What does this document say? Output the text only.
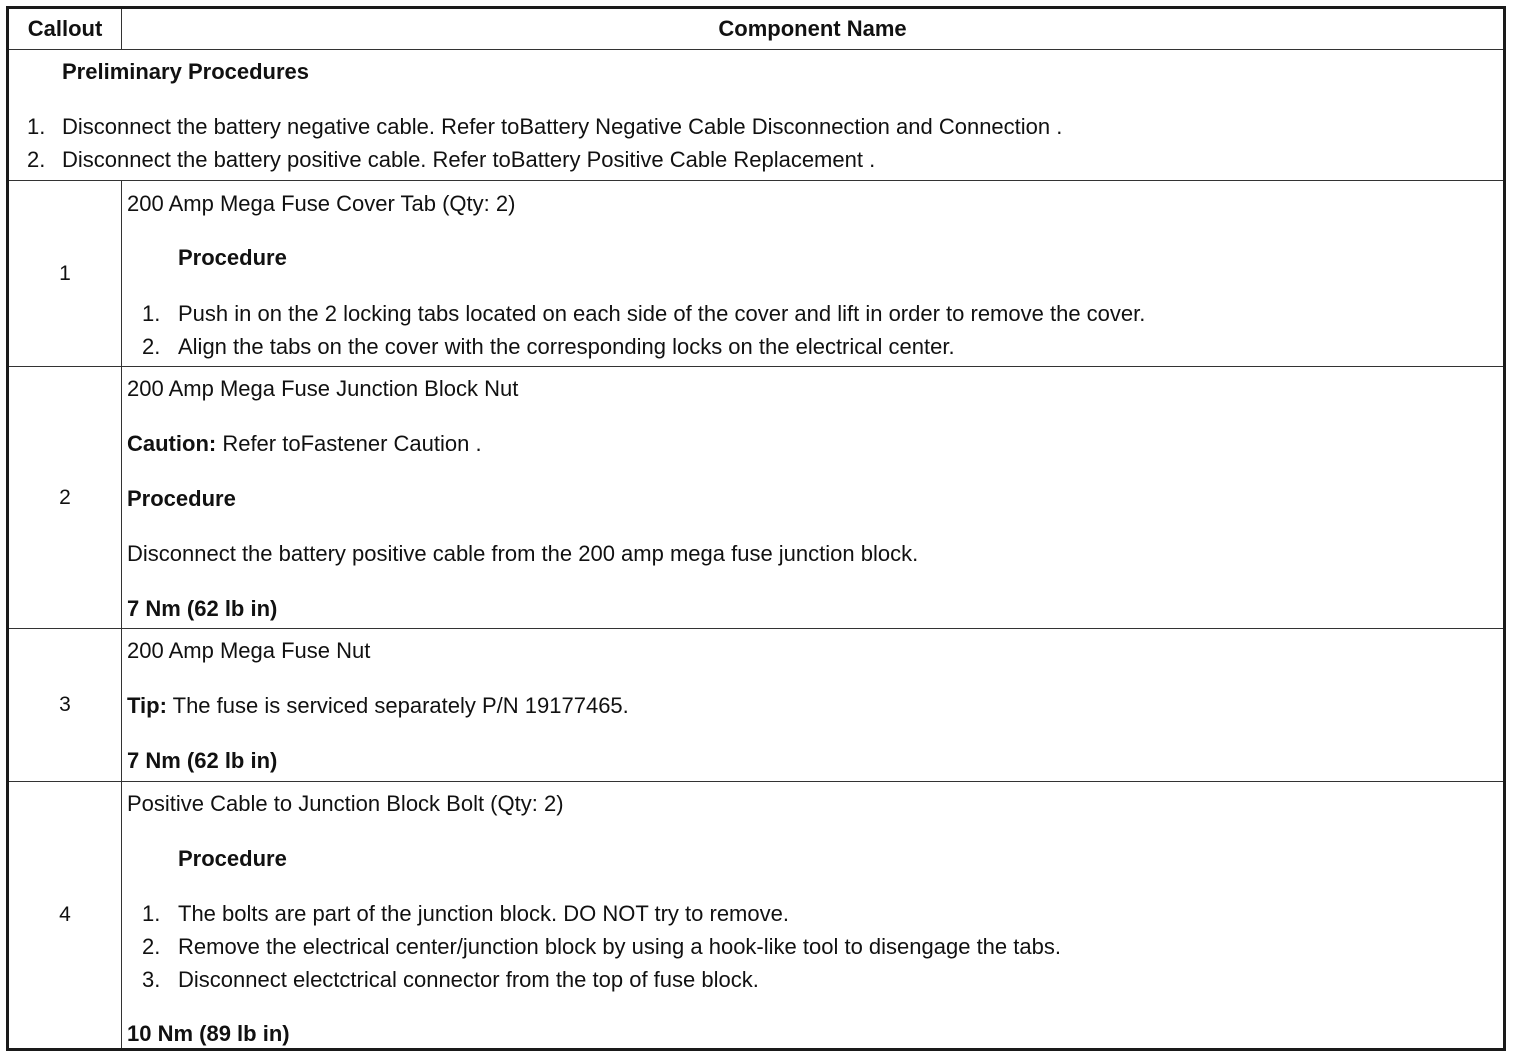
Callout	Component Name
Preliminary Procedures
1. Disconnect the battery negative cable. Refer toBattery Negative Cable Disconnection and Connection .
2. Disconnect the battery positive cable. Refer toBattery Positive Cable Replacement .
1
200 Amp Mega Fuse Cover Tab (Qty: 2)
Procedure
1. Push in on the 2 locking tabs located on each side of the cover and lift in order to remove the cover.
2. Align the tabs on the cover with the corresponding locks on the electrical center.
2
200 Amp Mega Fuse Junction Block Nut
Caution: Refer toFastener Caution .
Procedure
Disconnect the battery positive cable from the 200 amp mega fuse junction block.
7 Nm (62 lb in)
3
200 Amp Mega Fuse Nut
Tip: The fuse is serviced separately P/N 19177465.
7 Nm (62 lb in)
4
Positive Cable to Junction Block Bolt (Qty: 2)
Procedure
1. The bolts are part of the junction block. DO NOT try to remove.
2. Remove the electrical center/junction block by using a hook-like tool to disengage the tabs.
3. Disconnect electctrical connector from the top of fuse block.
10 Nm (89 lb in)
